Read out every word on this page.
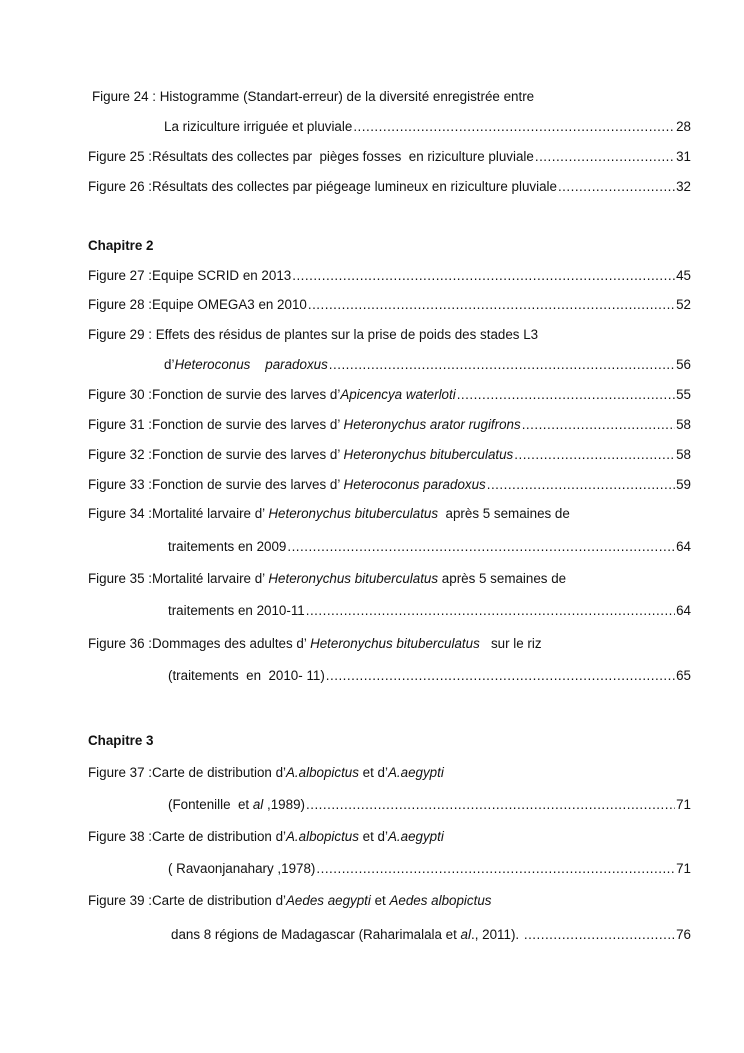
Figure 24 : Histogramme (Standart-erreur) de la diversité enregistrée entre
La riziculture irriguée et pluviale .....	28
Figure 25 : Résultats des collectes par  pièges fosses  en riziculture pluviale .....	31
Figure 26 : Résultats des collectes par piégeage lumineux en riziculture pluviale .....	32
Chapitre 2
Figure 27 : Equipe SCRID en 2013 .....	45
Figure 28 : Equipe OMEGA3 en 2010 .....	52
Figure 29 : Effets des résidus de plantes sur la prise de poids des stades L3
d’ Heteroconus    paradoxus .....	56
Figure 30 : Fonction de survie des larves d’ Apicencya waterloti .....	55
Figure 31 : Fonction de survie des larves d’ Heteronychus arator rugifrons .....	58
Figure 32 : Fonction de survie des larves d’ Heteronychus bituberculatus .....	58
Figure 33 : Fonction de survie des larves d’ Heteroconus paradoxus .....	59
Figure 34 : Mortalité larvaire d’ Heteronychus bituberculatus après 5 semaines de
traitements en 2009 .....	64
Figure 35 : Mortalité larvaire d’ Heteronychus bituberculatus après 5 semaines de
traitements en 2010-11 .....	64
Figure 36 : Dommages des adultes d’ Heteronychus bituberculatus sur le riz
(traitements  en  2010- 11) .....	65
Chapitre 3
Figure 37 : Carte de distribution d’ A.albopictus et d’ A.aegypti
(Fontenille  et al ,1989) .....	71
Figure 38 : Carte de distribution d’ A.albopictus et d’ A.aegypti
( Ravaonjanahary ,1978) .....	71
Figure 39 : Carte de distribution d’ Aedes aegypti et Aedes albopictus
dans 8 régions de Madagascar (Raharimalala et al ., 2011). .....	76
